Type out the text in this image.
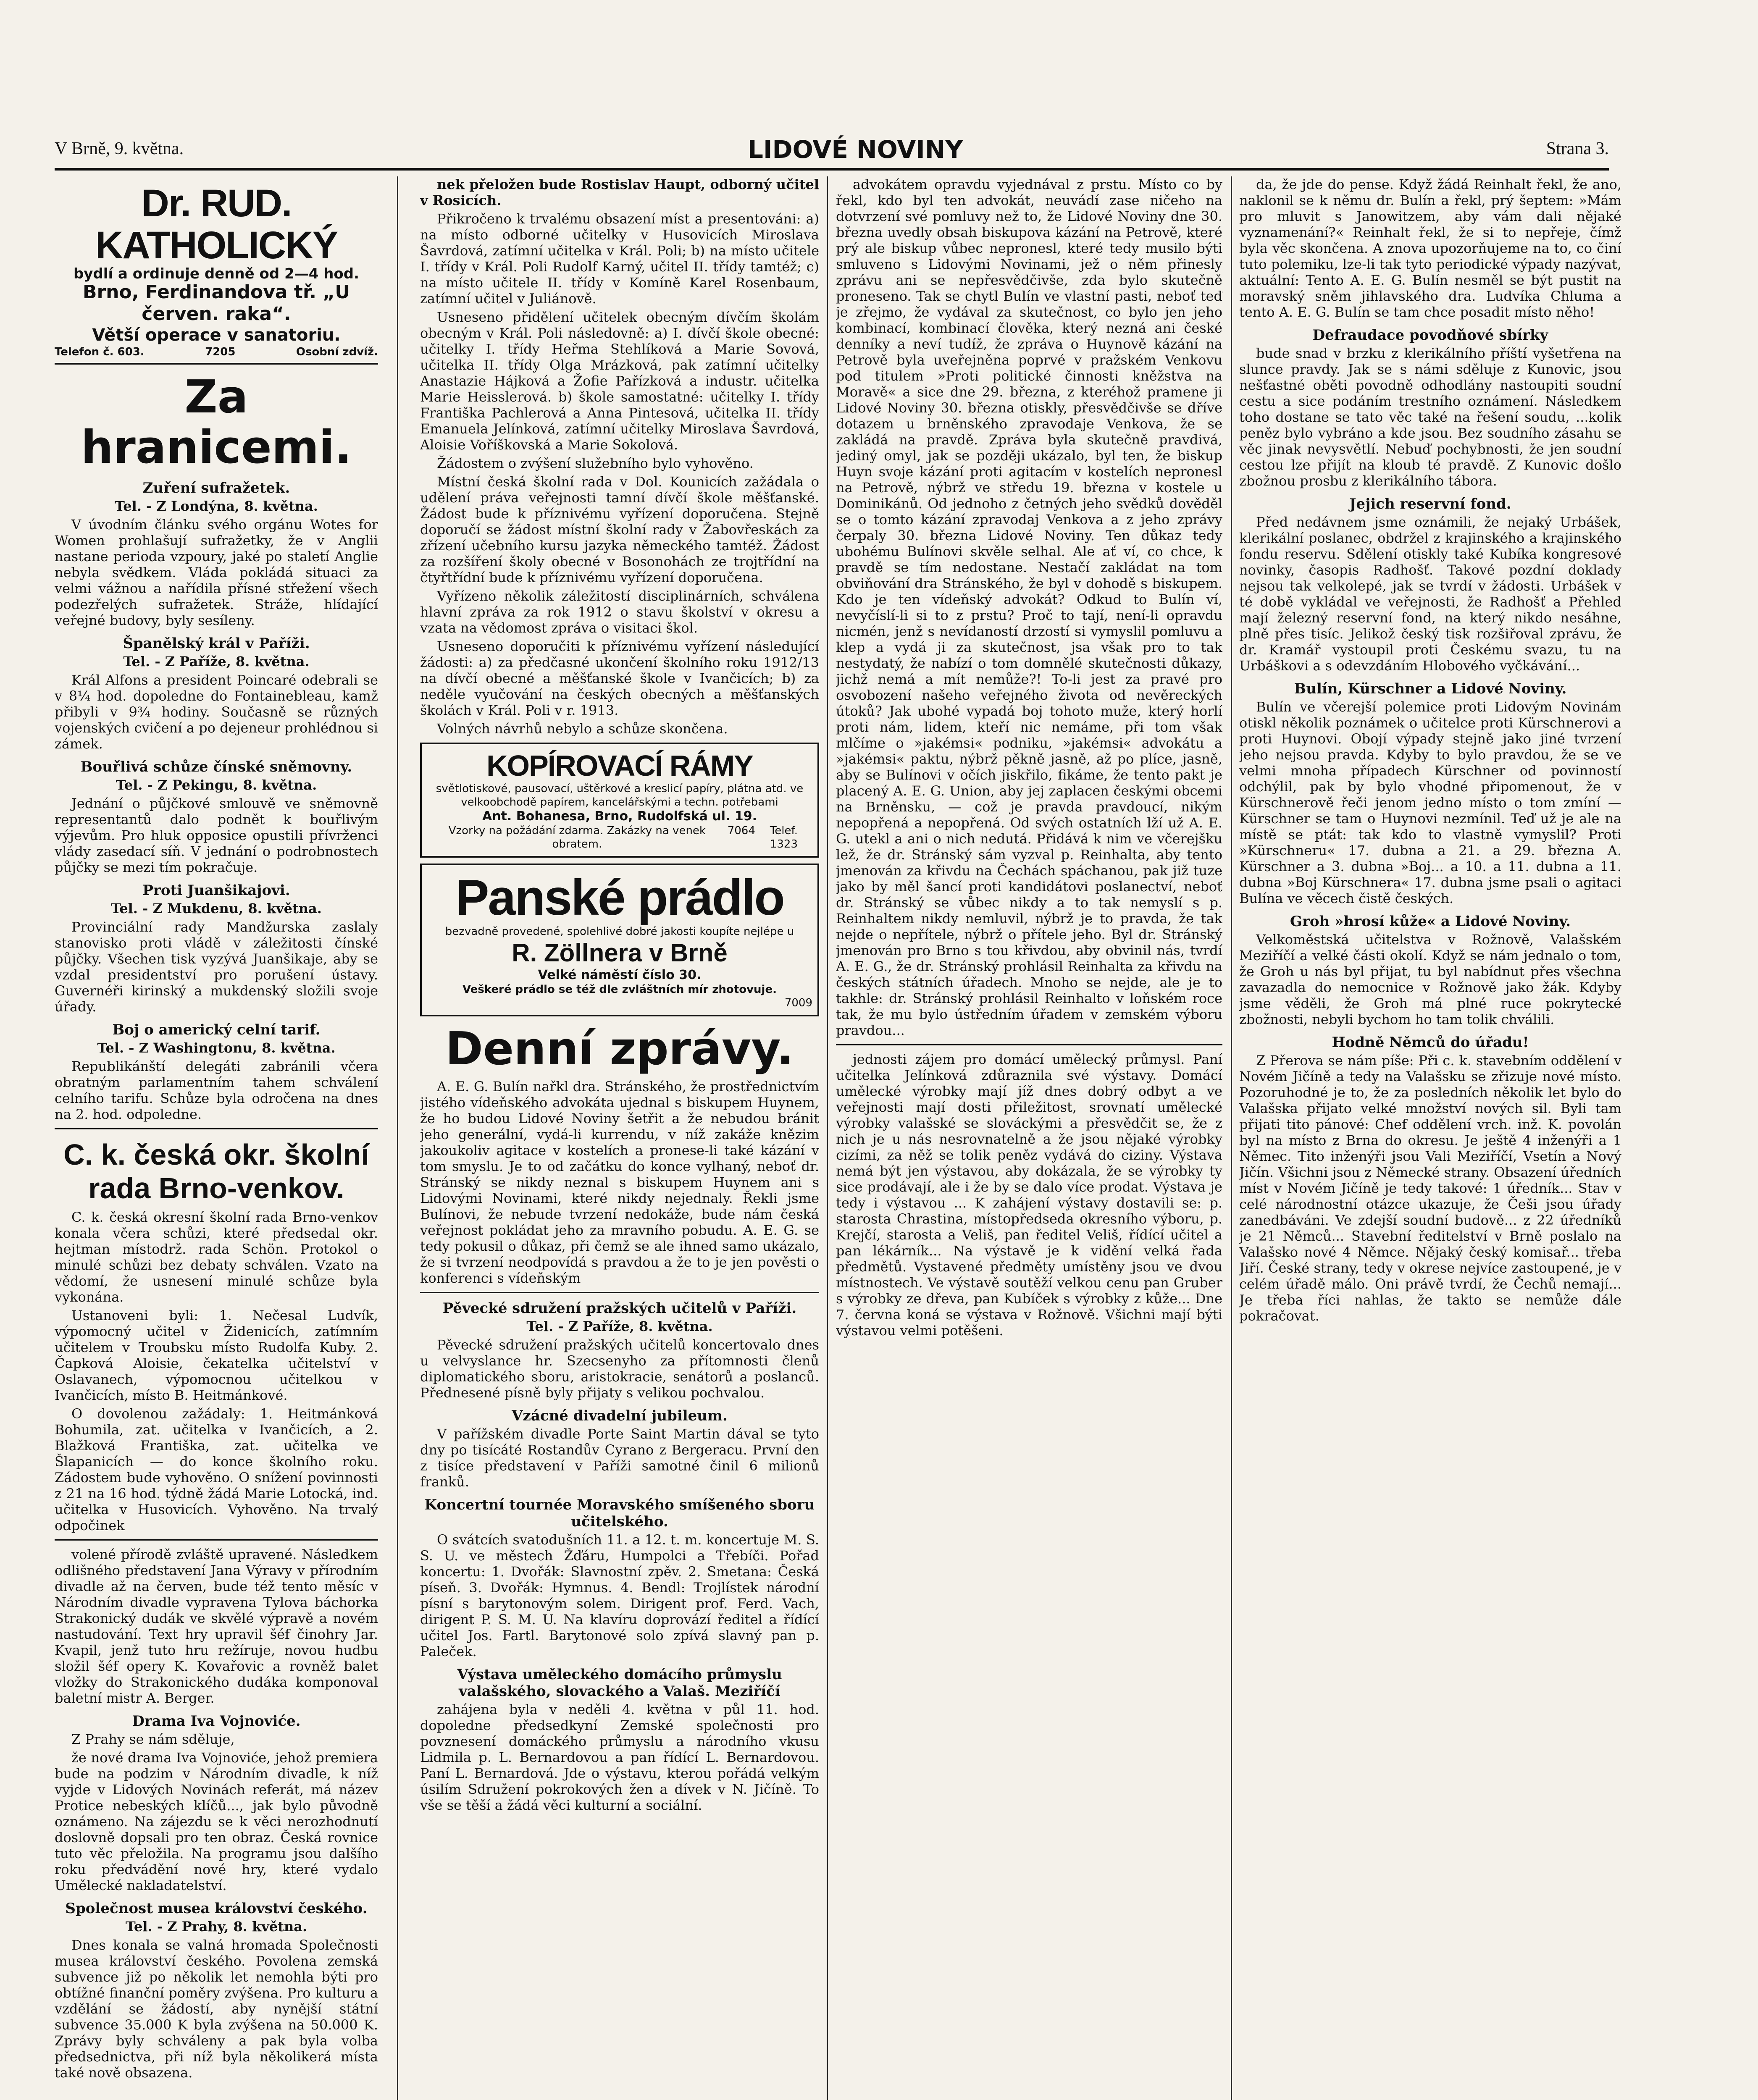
V Brně, 9. května.	LIDOVÉ NOVINY	Strana 3.
Dr. RUD. KATHOLICKÝ
bydlí a ordinuje denně od 2—4 hod.
Brno, Ferdinandova tř. „U červen. raka“.
Větší operace v sanatoriu.
Telefon č. 603.	7205	Osobní zdvíž.
Za hranicemi.
Zuření sufražetek.
Tel. - Z Londýna, 8. května.

V úvodním článku svého orgánu Wotes for Women prohlašují sufražetky, že v Anglii nastane perioda vzpoury, jaké po staletí Anglie nebyla svědkem. Vláda pokládá situaci za velmi vážnou a nařídila přísné střežení všech podezřelých sufražetek. Stráže, hlídající veřejné budovy, byly sesíleny.

Španělský král v Paříži.
Tel. - Z Paříže, 8. května.

Král Alfons a president Poincaré odebrali se v 8¼ hod. dopoledne do Fontainebleau, kamž přibyli v 9¾ hodiny. Současně se různých vojenských cvičení a po dejeneur prohlédnou si zámek.

Bouřlivá schůze čínské sněmovny.
Tel. - Z Pekingu, 8. května.

Jednání o půjčkové smlouvě ve sněmovně representantů dalo podnět k bouřlivým výjevům. Pro hluk opposice opustili přívrženci vlády zasedací síň. V jednání o podrobnostech půjčky se mezi tím pokračuje.

Proti Juanšikajovi.
Tel. - Z Mukdenu, 8. května.

Provinciální rady Mandžurska zaslaly stanovisko proti vládě v záležitosti čínské půjčky. Všechen tisk vyzývá Juanšikaje, aby se vzdal presidentství pro porušení ústavy. Guvernéři kirinský a mukdenský složili svoje úřady.

Boj o americký celní tarif.
Tel. - Z Washingtonu, 8. května.

Republikánští delegáti zabránili včera obratným parlamentním tahem schválení celního tarifu. Schůze byla odročena na dnes na 2. hod. odpoledne.

C. k. česká okr. školní rada Brno-venkov.

C. k. česká okresní školní rada Brno-venkov konala včera schůzi, které předsedal okr. hejtman místodrž. rada Schön. Protokol o minulé schůzi bez debaty schválen. Vzato na vědomí, že usnesení minulé schůze byla vykonána.

Ustanoveni byli: 1. Nečesal Ludvík, výpomocný učitel v Židenicích, zatímním učitelem v Troubsku místo Rudolfa Kuby. 2. Čapková Aloisie, čekatelka učitelství v Oslavanech, výpomocnou učitelkou v Ivančicích, místo B. Heitmánkové.

O dovolenou zažádaly: 1. Heitmánková Bohumila, zat. učitelka v Ivančicích, a 2. Blažková Františka, zat. učitelka ve Šlapanicích — do konce školního roku. Zádostem bude vyhověno. O snížení povinnosti z 21 na 16 hod. týdně žádá Marie Lotocká, ind. učitelka v Husovicích. Vyhověno. Na trvalý odpočinek

volené přírodě zvláště upravené. Následkem odlišného představení Jana Výravy v přírodním divadle až na červen, bude též tento měsíc v Národním divadle vypravena Tylova báchorka Strakonický dudák ve skvělé výpravě a novém nastudování. Text hry upravil šéf činohry Jar. Kvapil, jenž tuto hru režíruje, novou hudbu složil šéf opery K. Kovařovic a rovněž balet vložky do Strakonického dudáka komponoval baletní mistr A. Berger.

Drama Iva Vojnoviće.

Z Prahy se nám sděluje,

že nové drama Iva Vojnoviće, jehož premiera bude na podzim v Národním divadle, k níž vyjde v Lidových Novinách referát, má název Protice nebeských klíčů..., jak bylo původně oznámeno. Na zájezdu se k věci nerozhodnutí doslovně dopsali pro ten obraz. Česká rovnice tuto věc přeložila. Na programu jsou dalšího roku předvádění nové hry, které vydalo Umělecké nakladatelství.

Společnost musea království českého.
Tel. - Z Prahy, 8. května.

Dnes konala se valná hromada Společnosti musea království českého. Povolena zemská subvence již po několik let nemohla býti pro obtížné finanční poměry zvýšena. Pro kulturu a vzdělání se žádostí, aby nynější státní subvence 35.000 K byla zvýšena na 50.000 K. Zprávy byly schváleny a pak byla volba předsednictva, při níž byla několikerá místa také nově obsazena.

nek přeložen bude Rostislav Haupt, odborný učitel v Rosicích.

Přikročeno k trvalému obsazení míst a presentováni: a) na místo odborné učitelky v Husovicích Miroslava Šavrdová, zatímní učitelka v Král. Poli; b) na místo učitele I. třídy v Král. Poli Rudolf Karný, učitel II. třídy tamtéž; c) na místo učitele II. třídy v Komíně Karel Rosenbaum, zatímní učitel v Juliánově.

Usneseno přidělení učitelek obecným dívčím školám obecným v Král. Poli následovně: a) I. dívčí škole obecné: učitelky I. třídy Heřma Stehlíková a Marie Sovová, učitelka II. třídy Olga Mrázková, pak zatímní učitelky Anastazie Hájková a Žofie Pařízková a industr. učitelka Marie Heisslerová. b) škole samostatné: učitelky I. třídy Františka Pachlerová a Anna Pintesová, učitelka II. třídy Emanuela Jelínková, zatímní učitelky Miroslava Šavrdová, Aloisie Voříškovská a Marie Sokolová.

Žádostem o zvýšení služebního bylo vyhověno.

Místní česká školní rada v Dol. Kounicích zažádala o udělení práva veřejnosti tamní dívčí škole měšťanské. Žádost bude k příznivému vyřízení doporučena. Stejně doporučí se žádost místní školní rady v Žabovřeskách za zřízení učebního kursu jazyka německého tamtéž. Žádost za rozšíření školy obecné v Bosonohách ze trojtřídní na čtyřtřídní bude k příznivému vyřízení doporučena.

Vyřízeno několik záležitostí disciplinárních, schválena hlavní zpráva za rok 1912 o stavu školství v okresu a vzata na vědomost zpráva o visitaci škol.

Usneseno doporučiti k příznivému vyřízení následující žádosti: a) za předčasné ukončení školního roku 1912/13 na dívčí obecné a měšťanské škole v Ivančicích; b) za neděle vyučování na českých obecných a měšťanských školách v Král. Poli v r. 1913.

Volných návrhů nebylo a schůze skončena.

KOPÍROVACÍ RÁMY
světlotiskové, pausovací, uštěrkové a kreslicí papíry, plátna atd. ve velkoobchodě papírem, kancelářskými a techn. potřebami
Ant. Bohanesa, Brno, Rudolfská ul. 19.
Vzorky na požádání zdarma. Zakázky na venek obratem.
7064	Telef. 1323
Panské prádlo
bezvadně provedené, spolehlivé dobré jakosti koupíte nejlépe u
R. Zöllnera v Brně
Velké náměstí číslo 30.
Veškeré prádlo se též dle zvláštních mír zhotovuje.
7009
Denní zprávy.

A. E. G. Bulín nařkl dra. Stránského, že prostřednictvím jistého vídeňského advokáta ujednal s biskupem Huynem, že ho budou Lidové Noviny šetřit a že nebudou bránit jeho generální, vydá-li kurrendu, v níž zakáže knězim jakoukoliv agitace v kostelích a pronese-li také kázání v tom smyslu. Je to od začátku do konce vylhaný, neboť dr. Stránský se nikdy neznal s biskupem Huynem ani s Lidovými Novinami, které nikdy nejednaly. Řekli jsme Bulínovi, že nebude tvrzení nedokáže, bude nám česká veřejnost pokládat jeho za mravního pobudu. A. E. G. se tedy pokusil o důkaz, při čemž se ale ihned samo ukázalo, že si tvrzení neodpovídá s pravdou a že to je jen pověsti o konferenci s vídeňským

Pěvecké sdružení pražských učitelů v Paříži.
Tel. - Z Paříže, 8. května.

Pěvecké sdružení pražských učitelů koncertovalo dnes u velvyslance hr. Szecsenyho za přítomnosti členů diplomatického sboru, aristokracie, senátorů a poslanců. Přednesené písně byly přijaty s velikou pochvalou.

Vzácné divadelní jubileum.

V pařížském divadle Porte Saint Martin dával se tyto dny po tisícáté Rostandův Cyrano z Bergeracu. První den z tisíce představení v Paříži samotné činil 6 milionů franků.

Koncertní tournée Moravského smíšeného sboru učitelského.

O svátcích svatodušních 11. a 12. t. m. koncertuje M. S. S. U. ve městech Žďáru, Humpolci a Třebíči. Pořad koncertu: 1. Dvořák: Slavnostní zpěv. 2. Smetana: Česká píseň. 3. Dvořák: Hymnus. 4. Bendl: Trojlístek národní písní s barytonovým solem. Dirigent prof. Ferd. Vach, dirigent P. S. M. U. Na klavíru doprovází ředitel a řídící učitel Jos. Fartl. Barytonové solo zpívá slavný pan p. Paleček.

Výstava uměleckého domácího průmyslu valašského, slovackého a Valaš. Meziříčí

zahájena byla v neděli 4. května v půl 11. hod. dopoledne předsedkyní Zemské společnosti pro povznesení domáckého průmyslu a národního vkusu Lidmila p. L. Bernardovou a pan řídící L. Bernardovou. Paní L. Bernardová. Jde o výstavu, kterou pořádá velkým úsilím Sdružení pokrokových žen a dívek v N. Jičíně. To vše se těší a žádá věci kulturní a sociální.

advokátem opravdu vyjednával z prstu. Místo co by řekl, kdo byl ten advokát, neuvádí zase ničeho na dotvrzení své pomluvy než to, že Lidové Noviny dne 30. března uvedly obsah biskupova kázání na Petrově, které prý ale biskup vůbec nepronesl, které tedy musilo býti smluveno s Lidovými Novinami, jež o něm přinesly zprávu ani se nepřesvědčivše, zda bylo skutečně proneseno. Tak se chytl Bulín ve vlastní pasti, neboť teď je zřejmo, že vydával za skutečnost, co bylo jen jeho kombinací, kombinací člověka, který nezná ani české denníky a neví tudíž, že zpráva o Huynově kázání na Petrově byla uveřejněna poprvé v pražském Venkovu pod titulem »Proti politické činnosti kněžstva na Moravě« a sice dne 29. března, z kteréhož pramene ji Lidové Noviny 30. března otiskly, přesvědčivše se dříve dotazem u brněnského zpravodaje Venkova, že se zakládá na pravdě. Zpráva byla skutečně pravdivá, jediný omyl, jak se později ukázalo, byl ten, že biskup Huyn svoje kázání proti agitacím v kostelích nepronesl na Petrově, nýbrž ve středu 19. března v kostele u Dominikánů. Od jednoho z četných jeho svědků dověděl se o tomto kázání zpravodaj Venkova a z jeho zprávy čerpaly 30. března Lidové Noviny. Ten důkaz tedy ubohému Bulínovi skvěle selhal. Ale ať ví, co chce, k pravdě se tím nedostane. Nestačí zakládat na tom obviňování dra Stránského, že byl v dohodě s biskupem. Kdo je ten vídeňský advokát? Odkud to Bulín ví, nevyčíslí-li si to z prstu? Proč to tají, není-li opravdu nicmén, jenž s nevídaností drzostí si vymyslil pomluvu a klep a vydá ji za skutečnost, jsa však pro to tak nestydatý, že nabízí o tom domnělé skutečnosti důkazy, jichž nemá a mít nemůže?! To-li jest za pravé pro osvobození našeho veřejného života od nevěreckých útoků? Jak ubohé vypadá boj tohoto muže, který horlí proti nám, lidem, kteří nic nemáme, při tom však mlčíme o »jakémsi« podniku, »jakémsi« advokátu a »jakémsi« paktu, nýbrž pěkně jasně, až po plíce, jasně, aby se Bulínovi v očích jiskřilo, fikáme, že tento pakt je placený A. E. G. Union, aby jej zaplacen českými obcemi na Brněnsku, — což je pravda pravdoucí, nikým nepopřená a nepopřená. Od svých ostatních lží už A. E. G. utekl a ani o nich nedutá. Přidává k nim ve včerejšku lež, že dr. Stránský sám vyzval p. Reinhalta, aby tento jmenován za křivdu na Čechách spáchanou, pak již tuze jako by měl šancí proti kandidátovi poslanectví, neboť dr. Stránský se vůbec nikdy a to tak nemyslí s p. Reinhaltem nikdy nemluvil, nýbrž je to pravda, že tak nejde o nepřítele, nýbrž o přítele jeho. Byl dr. Stránský jmenován pro Brno s tou křivdou, aby obvinil nás, tvrdí A. E. G., že dr. Stránský prohlásil Reinhalta za křivdu na českých státních úřadech. Mnoho se nejde, ale je to takhle: dr. Stránský prohlásil Reinhalto v loňském roce tak, že mu bylo ústředním úřadem v zemském výboru pravdou...

jednosti zájem pro domácí umělecký průmysl. Paní učitelka Jelínková zdůraznila své výstavy. Domácí umělecké výrobky mají jíž dnes dobrý odbyt a ve veřejnosti mají dosti přiležitost, srovnatí umělecké výrobky valašské se slováckými a přesvědčit se, že z nich je u nás nesrovnatelně a že jsou nějaké výrobky cizími, za něž se tolik peněz vydává do ciziny. Výstava nemá být jen výstavou, aby dokázala, že se výrobky ty sice prodávají, ale i že by se dalo více prodat. Výstava je tedy i výstavou ... K zahájení výstavy dostavili se: p. starosta Chrastina, místopředseda okresního výboru, p. Krejčí, starosta a Veliš, pan ředitel Veliš, řídící učitel a pan lékárník... Na výstavě je k vidění velká řada předmětů. Vystavené předměty umístěny jsou ve dvou místnostech. Ve výstavě soutěží velkou cenu pan Gruber s výrobky ze dřeva, pan Kubíček s výrobky z kůže... Dne 7. června koná se výstava v Rožnově. Všichni mají býti výstavou velmi potěšeni.

da, že jde do pense. Když žádá Reinhalt řekl, že ano, naklonil se k němu dr. Bulín a řekl, prý šeptem: »Mám pro mluvit s Janowitzem, aby vám dali nějaké vyznamenání?« Reinhalt řekl, že si to nepřeje, čímž byla věc skončena. A znova upozorňujeme na to, co činí tuto polemiku, lze-li tak tyto periodické výpady nazývat, aktuální: Tento A. E. G. Bulín nesměl se být pustit na moravský sněm jihlavského dra. Ludvíka Chluma a tento A. E. G. Bulín se tam chce posadit místo něho!

Defraudace povodňové sbírky

bude snad v brzku z klerikálního příští vyšetřena na slunce pravdy. Jak se s námi sděluje z Kunovic, jsou nešťastné oběti povodně odhodlány nastoupiti soudní cestu a sice podáním trestního oznámení. Následkem toho dostane se tato věc také na řešení soudu, ...kolik peněz bylo vybráno a kde jsou. Bez soudního zásahu se věc jinak nevysvětlí. Nebuď pochybnosti, že jen soudní cestou lze přijít na kloub té pravdě. Z Kunovic došlo zbožnou prosbu z klerikálního tábora.

Jejich reservní fond.

Před nedávnem jsme oznámili, že nejaký Urbášek, klerikální poslanec, obdržel z krajinského a krajinského fondu reservu. Sdělení otiskly také Kubíka kongresové novinky, časopis Radhošť. Takové pozdní doklady nejsou tak velkolepé, jak se tvrdí v žádosti. Urbášek v té době vykládal ve veřejnosti, že Radhošť a Přehled mají železný reservní fond, na který nikdo nesáhne, plně přes tisíc. Jelikož český tisk rozšiřoval zprávu, že dr. Kramář vystoupil proti Českému svazu, tu na Urbáškovi a s odevzdáním Hlobového vyčkávání...

Bulín, Kürschner a Lidové Noviny.

Bulín ve včerejší polemice proti Lidovým Novinám otiskl několik poznámek o učitelce proti Kürschnerovi a proti Huynovi. Obojí výpady stejně jako jiné tvrzení jeho nejsou pravda. Kdyby to bylo pravdou, že se ve velmi mnoha případech Kürschner od povinností odchýlil, pak by bylo vhodné připomenout, že v Kürschnerově řeči jenom jedno místo o tom zmíní — Kürschner se tam o Huynovi nezmínil. Teď už je ale na místě se ptát: tak kdo to vlastně vymyslil? Proti »Kürschneru« 17. dubna a 21. a 29. března A. Kürschner a 3. dubna »Boj... a 10. a 11. dubna a 11. dubna »Boj Kürschnera« 17. dubna jsme psali o agitaci Bulína ve věcech čistě českých.

Groh »hrosí kůže« a Lidové Noviny.

Velkoměstská učitelstva v Rožnově, Valašském Meziříčí a velké části okolí. Když se nám jednalo o tom, že Groh u nás byl přijat, tu byl nabídnut přes všechna zavazadla do nemocnice v Rožnově jako žák. Kdyby jsme věděli, že Groh má plné ruce pokrytecké zbožnosti, nebyli bychom ho tam tolik chválili.

Hodně Němců do úřadu!

Z Přerova se nám píše: Při c. k. stavebním oddělení v Novém Jičíně a tedy na Valašsku se zřizuje nové místo. Pozoruhodné je to, že za posledních několik let bylo do Valašska přijato velké množství nových sil. Byli tam přijati tito pánové: Chef oddělení vrch. inž. K. povolán byl na místo z Brna do okresu. Je ještě 4 inženýři a 1 Němec. Tito inženýři jsou Vali Meziříčí, Vsetín a Nový Jičín. Všichni jsou z Německé strany. Obsazení úředních míst v Novém Jičíně je tedy takové: 1 úředník... Stav v celé národnostní otázce ukazuje, že Češi jsou úřady zanedbáváni. Ve zdejší soudní budově... z 22 úředníků je 21 Němců... Stavební ředitelství v Brně poslalo na Valašsko nové 4 Němce. Nějaký český komisař... třeba Jiří. České strany, tedy v okrese nejvíce zastoupené, je v celém úřadě málo. Oni právě tvrdí, že Čechů nemají... Je třeba říci nahlas, že takto se nemůže dále pokračovat.
